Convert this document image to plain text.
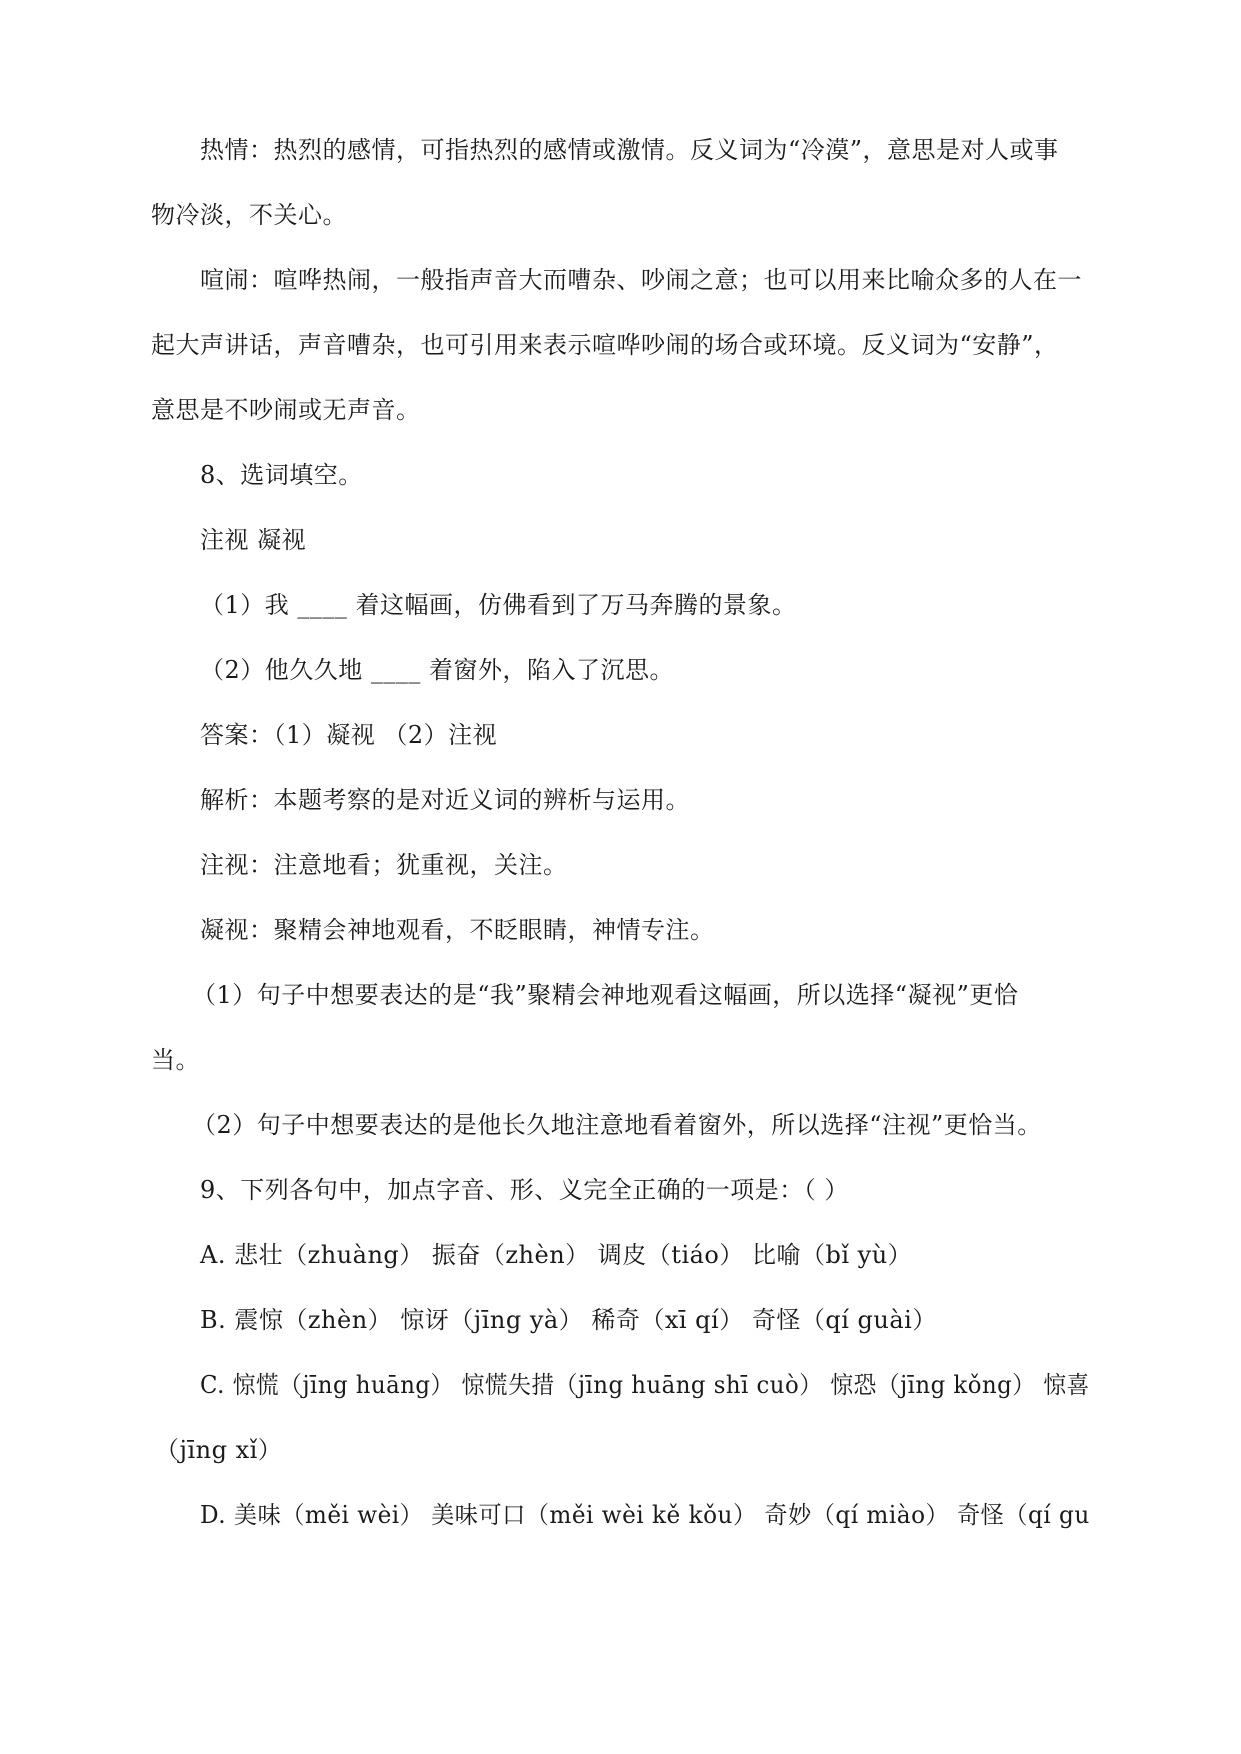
热情：热烈的感情，可指热烈的感情或激情。反义词为“冷漠”，意思是对人或事
物冷淡，不关心。
喧闹：喧哗热闹，一般指声音大而嘈杂、吵闹之意；也可以用来比喻众多的人在一
起大声讲话，声音嘈杂，也可引用来表示喧哗吵闹的场合或环境。反义词为“安静”，
意思是不吵闹或无声音。
8、选词填空。
注视 凝视
（1）我 ____ 着这幅画，仿佛看到了万马奔腾的景象。
（2）他久久地 ____ 着窗外，陷入了沉思。
答案：（1）凝视 （2）注视
解析：本题考察的是对近义词的辨析与运用。
注视：注意地看；犹重视，关注。
凝视：聚精会神地观看，不眨眼睛，神情专注。
（1）句子中想要表达的是“我”聚精会神地观看这幅画，所以选择“凝视”更恰
当。
（2）句子中想要表达的是他长久地注意地看着窗外，所以选择“注视”更恰当。
9、下列各句中，加点字音、形、义完全正确的一项是：（ ）
A. 悲壮（zhuàng） 振奋（zhèn） 调皮（tiáo） 比喻（bǐ yù）
B. 震惊（zhèn） 惊讶（jīng yà） 稀奇（xī qí） 奇怪（qí guài）
C. 惊慌（jīng huāng） 惊慌失措（jīng huāng shī cuò） 惊恐（jīng kǒng） 惊喜
（jīng xǐ）
D. 美味（měi wèi） 美味可口（měi wèi kě kǒu） 奇妙（qí miào） 奇怪（qí gu
